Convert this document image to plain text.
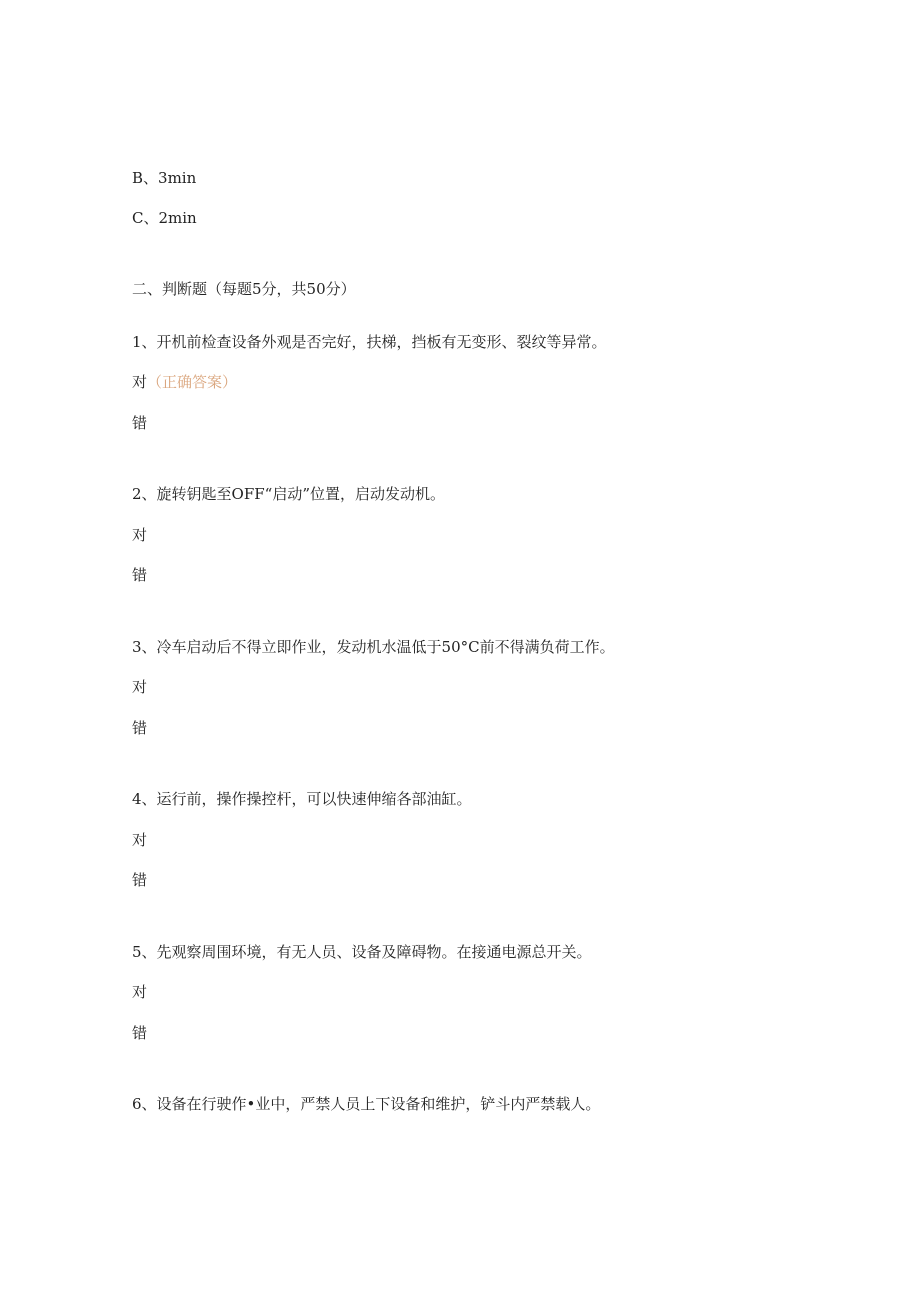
B、3min
C、2min
二、判断题（每题5分，共50分）
1、开机前检查设备外观是否完好，扶梯，挡板有无变形、裂纹等异常。
对（正确答案）
错
2、旋转钥匙至OFF“启动”位置，启动发动机。
对
错
3、冷车启动后不得立即作业，发动机水温低于50°C前不得满负荷工作。
对
错
4、运行前，操作操控杆，可以快速伸缩各部油缸。
对
错
5、先观察周围环境，有无人员、设备及障碍物。在接通电源总开关。
对
错
6、设备在行驶作•业中，严禁人员上下设备和维护，铲斗内严禁载人。
